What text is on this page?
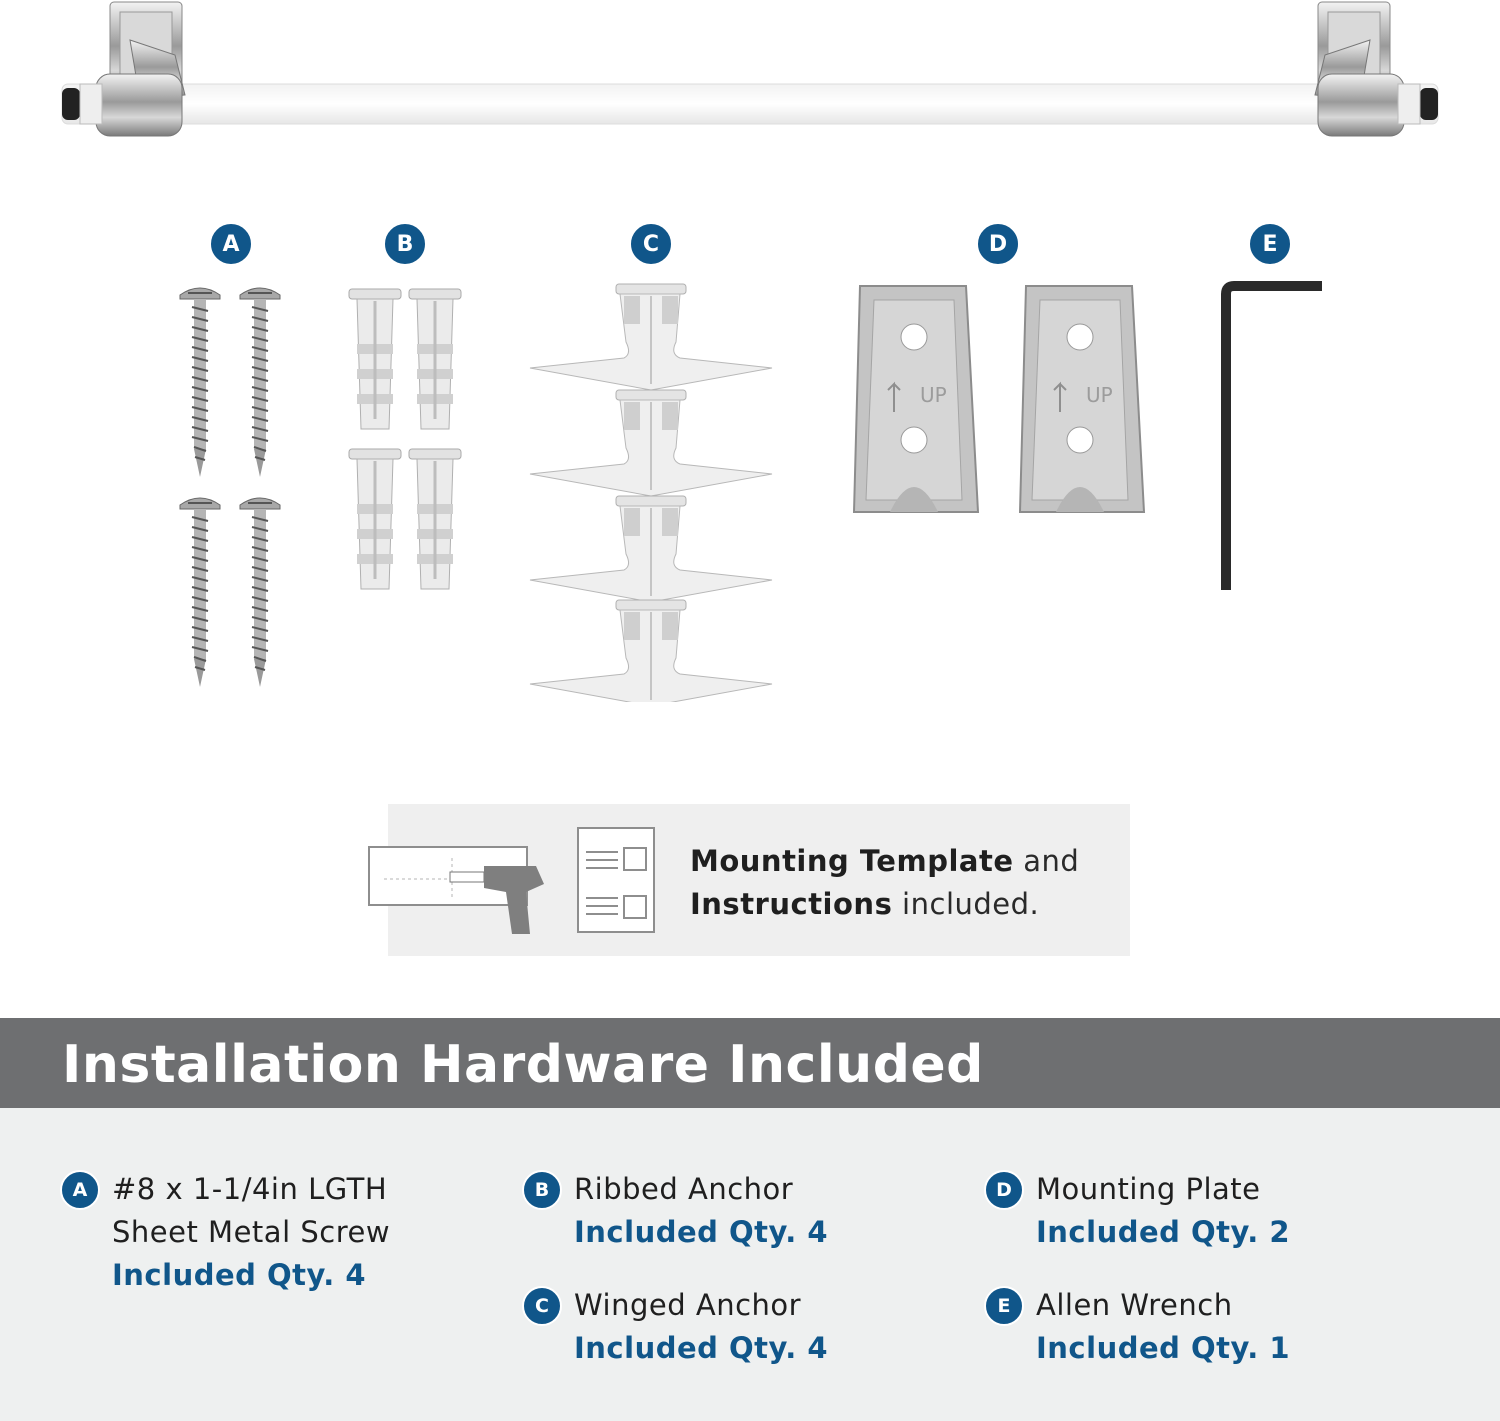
A	B	C	D	E
UP	UP
Mounting Template and
Instructions included.
Installation Hardware Included
A #8 x 1-1/4in LGTH
Sheet Metal Screw
Included Qty. 4
B Ribbed Anchor
Included Qty. 4
C Winged Anchor
Included Qty. 4
D Mounting Plate
Included Qty. 2
E Allen Wrench
Included Qty. 1
